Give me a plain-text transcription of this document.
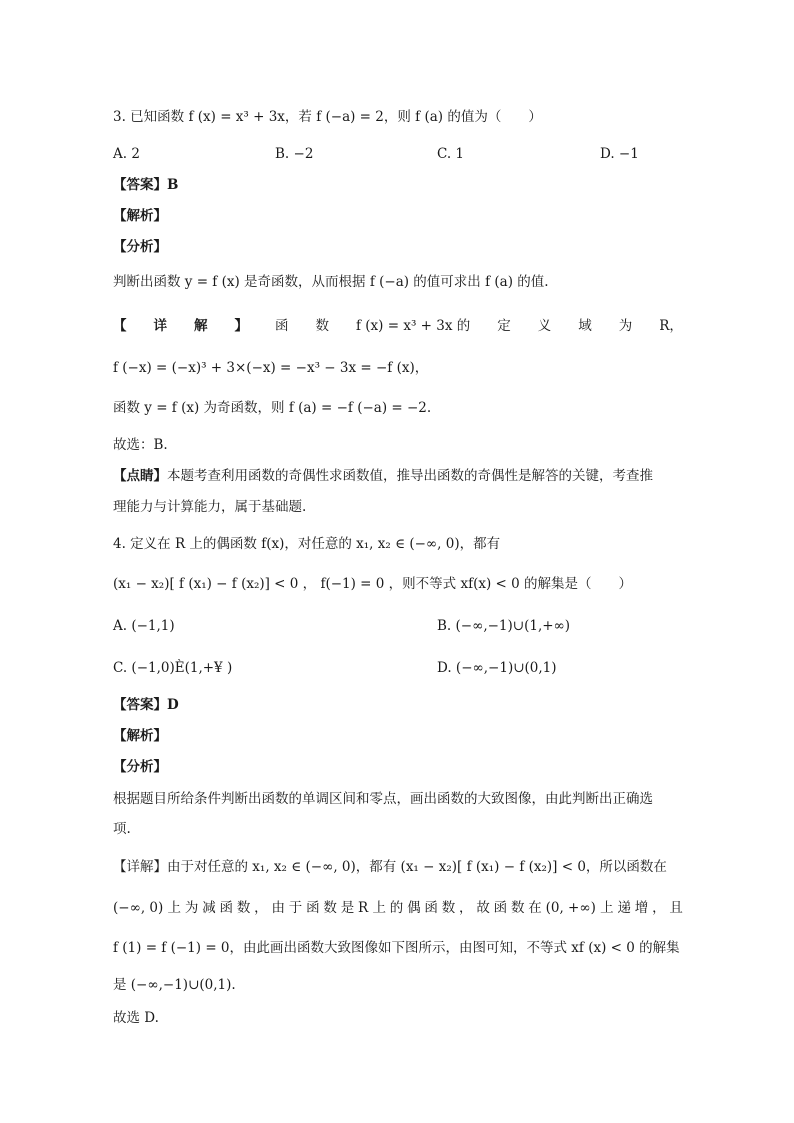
3. 已知函数 f (x) = x³ + 3x，若 f (−a) = 2，则 f (a) 的值为（　　）
A. 2	B. −2	C. 1	D. −1
【答案】B
【解析】
【分析】
判断出函数 y = f (x) 是奇函数，从而根据 f (−a) 的值可求出 f (a) 的值.
【 详 解 】 函 数 f (x) = x³ + 3x 的 定 义 域 为 R，
f (−x) = (−x)³ + 3×(−x) = −x³ − 3x = −f (x)，
函数 y = f (x) 为奇函数，则 f (a) = −f (−a) = −2.
故选：B.
【点睛】本题考查利用函数的奇偶性求函数值，推导出函数的奇偶性是解答的关键，考查推
理能力与计算能力，属于基础题.
4. 定义在 R 上的偶函数 f(x)，对任意的 x₁, x₂ ∈ (−∞, 0)，都有
(x₁ − x₂)[ f (x₁) − f (x₂)] < 0 ， f(−1) = 0 ，则不等式 xf(x) < 0 的解集是（　　）
A. (−1,1)	B. (−∞,−1)∪(1,+∞)
C. (−1,0)È(1,+¥ )	D. (−∞,−1)∪(0,1)
【答案】D
【解析】
【分析】
根据题目所给条件判断出函数的单调区间和零点，画出函数的大致图像，由此判断出正确选
项.
【详解】由于对任意的 x₁, x₂ ∈ (−∞, 0)，都有 (x₁ − x₂)[ f (x₁) − f (x₂)] < 0，所以函数在
(−∞, 0) 上 为 减 函 数 ， 由 于 函 数 是 R 上 的 偶 函 数 ， 故 函 数 在 (0, +∞) 上 递 增 ， 且
f (1) = f (−1) = 0，由此画出函数大致图像如下图所示，由图可知，不等式 xf (x) < 0 的解集
是 (−∞,−1)∪(0,1).
故选 D.
